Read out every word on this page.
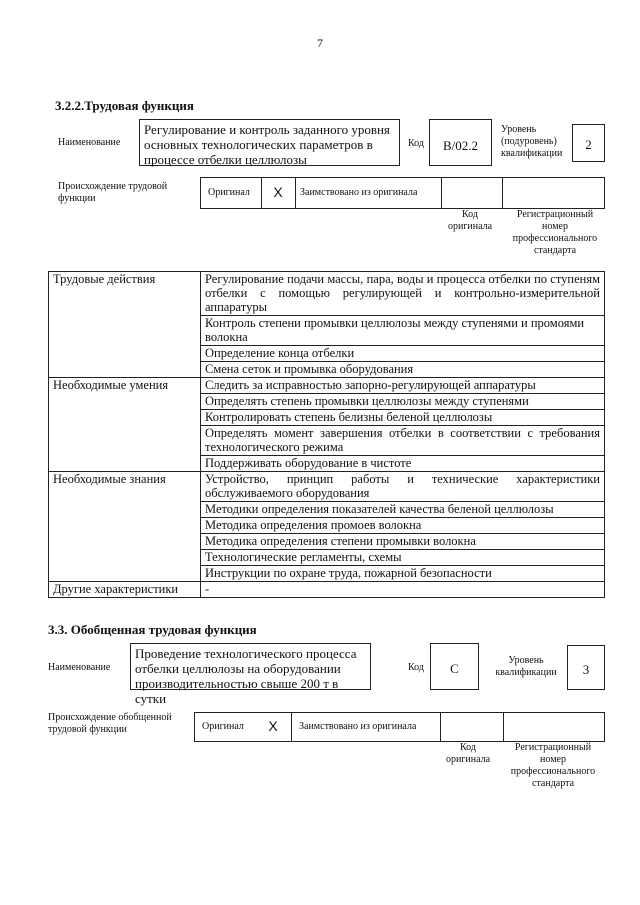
7
3.2.2.Трудовая функция
Наименование
Регулирование и контроль заданного уровня основных технологических параметров в процессе отбелки целлюлозы
Код	B/02.2
Уровень (подуровень) квалификации
2
Происхождение трудовой функции
Оригинал	X	Заимствовано из оригинала
Код оригинала
Регистрационный номер профессионального стандарта
Трудовые действия	Регулирование подачи массы, пара, воды и процесса отбелки по ступеням отбелки с помощью регулирующей и контрольно-измерительной аппаратуры
	Контроль степени промывки целлюлозы между ступенями и промоями волокна
	Определение конца отбелки
	Смена сеток и промывка оборудования
Необходимые умения	Следить за исправностью запорно-регулирующей аппаратуры
	Определять степень промывки целлюлозы между ступенями
	Контролировать степень белизны беленой целлюлозы
	Определять момент завершения отбелки в соответствии с требования технологического режима
	Поддерживать оборудование в чистоте
Необходимые знания	Устройство, принцип работы и технические характеристики обслуживаемого оборудования
	Методики определения показателей качества беленой целлюлозы
	Методика определения промоев волокна
	Методика определения степени промывки волокна
	Технологические регламенты, схемы
	Инструкции по охране труда, пожарной безопасности
Другие характеристики	-
3.3. Обобщенная трудовая функция
Наименование
Проведение технологического процесса отбелки целлюлозы на оборудовании производительностью свыше 200 т в сутки
Код	C
Уровень квалификации	3
Происхождение обобщенной трудовой функции	Оригинал	X	Заимствовано из оригинала
Код оригинала
Регистрационный номер профессионального стандарта
